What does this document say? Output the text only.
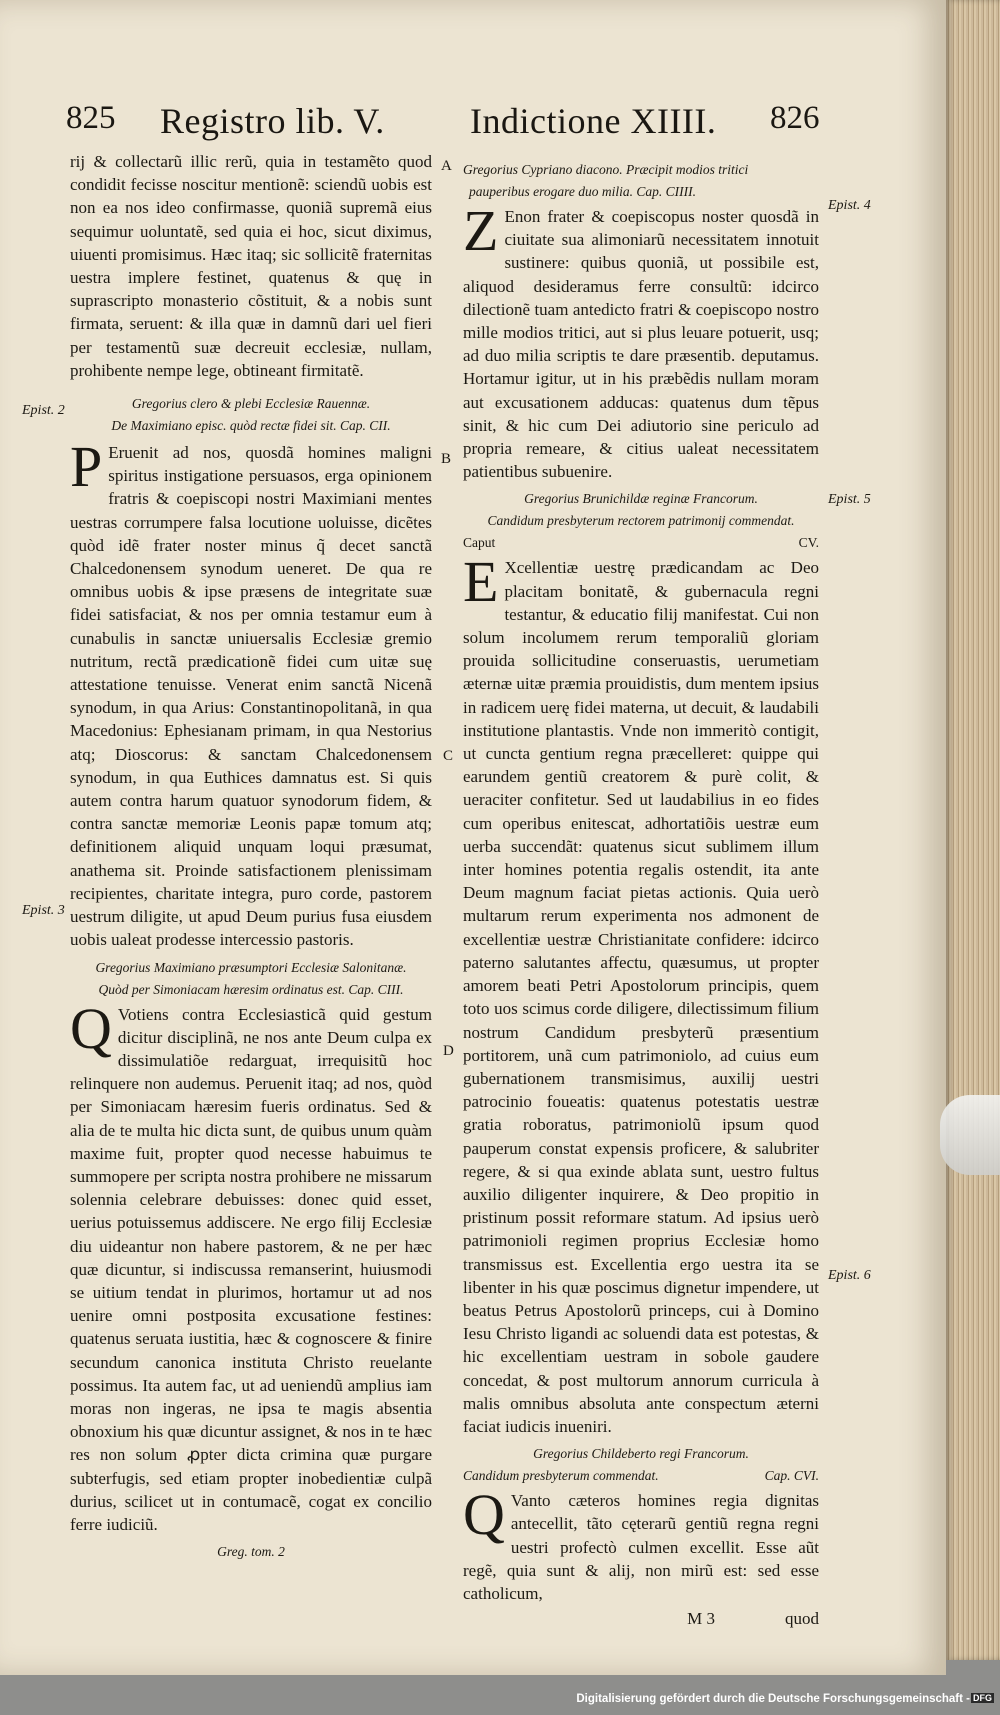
825 Registro lib. V. Indictione XIIII. 826

rij & collectarũ illic rerũ, quia in testamẽto quod condidit fecisse noscitur mentionẽ: sciendũ uobis est non ea nos ideo confirmasse, quoniã supremã eius sequimur uoluntatẽ, sed quia ei hoc, sicut diximus, uiuenti promisimus. Hæc itaq; sic sollicitẽ fraternitas uestra implere festinet, quatenus & quę in suprascripto monasterio cõstituit, & a nobis sunt firmata, seruent: & illa quæ in damnũ dari uel fieri per testamentũ suæ decreuit ecclesiæ, nullam, prohibente nempe lege, obtineant firmitatẽ.

Gregorius clero & plebi Ecclesiæ Rauennæ.
De Maximiano episc. quòd rectæ fidei sit. Cap. CII.

P Eruenit ad nos, quosdã homines maligni spiritus instigatione persuasos, erga opinionem fratris & coepiscopi nostri Maximiani mentes uestras corrumpere falsa locutione uoluisse, dicẽtes quòd idẽ frater noster minus q̃ decet sanctã Chalcedonensem synodum ueneret. De qua re omnibus uobis & ipse præsens de integritate suæ fidei satisfaciat, & nos per omnia testamur eum à cunabulis in sanctæ uniuersalis Ecclesiæ gremio nutritum, rectã prædicationẽ fidei cum uitæ suę attestatione tenuisse. Venerat enim sanctã Nicenã synodum, in qua Arius: Constantinopolitanã, in qua Macedonius: Ephesianam primam, in qua Nestorius atq; Dioscorus: & sanctam Chalcedonensem synodum, in qua Euthices damnatus est. Si quis autem contra harum quatuor synodorum fidem, & contra sanctæ memoriæ Leonis papæ tomum atq; definitionem aliquid unquam loqui præsumat, anathema sit. Proinde satisfactionem plenissimam recipientes, charitate integra, puro corde, pastorem uestrum diligite, ut apud Deum purius fusa eiusdem uobis ualeat prodesse intercessio pastoris.

Gregorius Maximiano præsumptori Ecclesiæ Salonitanæ.
Quòd per Simoniacam hæresim ordinatus est. Cap. CIII.

Q Votiens contra Ecclesiasticã quid gestum dicitur disciplinã, ne nos ante Deum culpa ex dissimulatiõe redarguat, irrequisitũ hoc relinquere non audemus. Peruenit itaq; ad nos, quòd per Simoniacam hæresim fueris ordinatus. Sed & alia de te multa hic dicta sunt, de quibus unum quàm maxime fuit, propter quod necesse habuimus te summopere per scripta nostra prohibere ne missarum solennia celebrare debuisses: donec quid esset, uerius potuissemus addiscere. Ne ergo filij Ecclesiæ diu uideantur non habere pastorem, & ne per hæc quæ dicuntur, si indiscussa remanserint, huiusmodi se uitium tendat in plurimos, hortamur ut ad nos uenire omni postposita excusatione festines: quatenus seruata iustitia, hæc & cognoscere & finire secundum canonica instituta Christo reuelante possimus. Ita autem fac, ut ad ueniendũ amplius iam moras non ingeras, ne ipsa te magis absentia obnoxium his quæ dicuntur assignet, & nos in te hæc res non solum ꝓpter dicta crimina quæ purgare subterfugis, sed etiam propter inobedientiæ culpã durius, scilicet ut in contumacẽ, cogat ex concilio ferre iudiciũ.

Greg. tom. 2
Gregorius Cypriano diacono. Præcipit modios tritici
pauperibus erogare duo milia. Cap. CIIII.

Z Enon frater & coepiscopus noster quosdã in ciuitate sua alimoniarũ necessitatem innotuit sustinere: quibus quoniã, ut possibile est, aliquod desideramus ferre consultũ: idcirco dilectionẽ tuam antedicto fratri & coepiscopo nostro mille modios tritici, aut si plus leuare potuerit, usq; ad duo milia scriptis te dare præsentib. deputamus. Hortamur igitur, ut in his præbẽdis nullam moram aut excusationem adducas: quatenus dum tẽpus sinit, & hic cum Dei adiutorio sine periculo ad propria remeare, & citius ualeat necessitatem patientibus subuenire.

Gregorius Brunichildæ reginæ Francorum.
Candidum presbyterum rectorem patrimonij commendat.
Caput	CV.

E Xcellentiæ uestrę prædicandam ac Deo placitam bonitatẽ, & gubernacula regni testantur, & educatio filij manifestat. Cui non solum incolumem rerum temporaliũ gloriam prouida sollicitudine conseruastis, uerumetiam æternæ uitæ præmia prouidistis, dum mentem ipsius in radicem uerę fidei materna, ut decuit, & laudabili institutione plantastis. Vnde non immeritò contigit, ut cuncta gentium regna præcelleret: quippe qui earundem gentiũ creatorem & purè colit, & ueraciter confitetur. Sed ut laudabilius in eo fides cum operibus enitescat, adhortatiõis uestræ eum uerba succendãt: quatenus sicut sublimem illum inter homines potentia regalis ostendit, ita ante Deum magnum faciat pietas actionis. Quia uerò multarum rerum experimenta nos admonent de excellentiæ uestræ Christianitate confidere: idcirco paterno salutantes affectu, quæsumus, ut propter amorem beati Petri Apostolorum principis, quem toto uos scimus corde diligere, dilectissimum filium nostrum Candidum presbyterũ præsentium portitorem, unã cum patrimoniolo, ad cuius eum gubernationem transmisimus, auxilij uestri patrocinio foueatis: quatenus potestatis uestræ gratia roboratus, patrimoniolũ ipsum quod pauperum constat expensis proficere, & salubriter regere, & si qua exinde ablata sunt, uestro fultus auxilio diligenter inquirere, & Deo propitio in pristinum possit reformare statum. Ad ipsius uerò patrimonioli regimen proprius Ecclesiæ homo transmissus est. Excellentia ergo uestra ita se libenter in his quæ poscimus dignetur impendere, ut beatus Petrus Apostolorũ princeps, cui à Domino Iesu Christo ligandi ac soluendi data est potestas, & hic excellentiam uestram in sobole gaudere concedat, & post multorum annorum curricula à malis omnibus absoluta ante conspectum æterni faciat iudicis inueniri.

Gregorius Childeberto regi Francorum.
Candidum presbyterum commendat.	Cap. CVI.

Q Vanto cæteros homines regia dignitas antecellit, tãto cęterarũ gentiũ regna regni uestri profectò culmen excellit. Esse aũt regẽ, quia sunt & alij, non mirũ est: sed esse catholicum,

M 3	quod
Epist. 2
Epist. 3
Epist. 4
Epist. 5
Epist. 6
A
B
C
D
Digitalisierung gefördert durch die Deutsche Forschungsgemeinschaft - DFG
